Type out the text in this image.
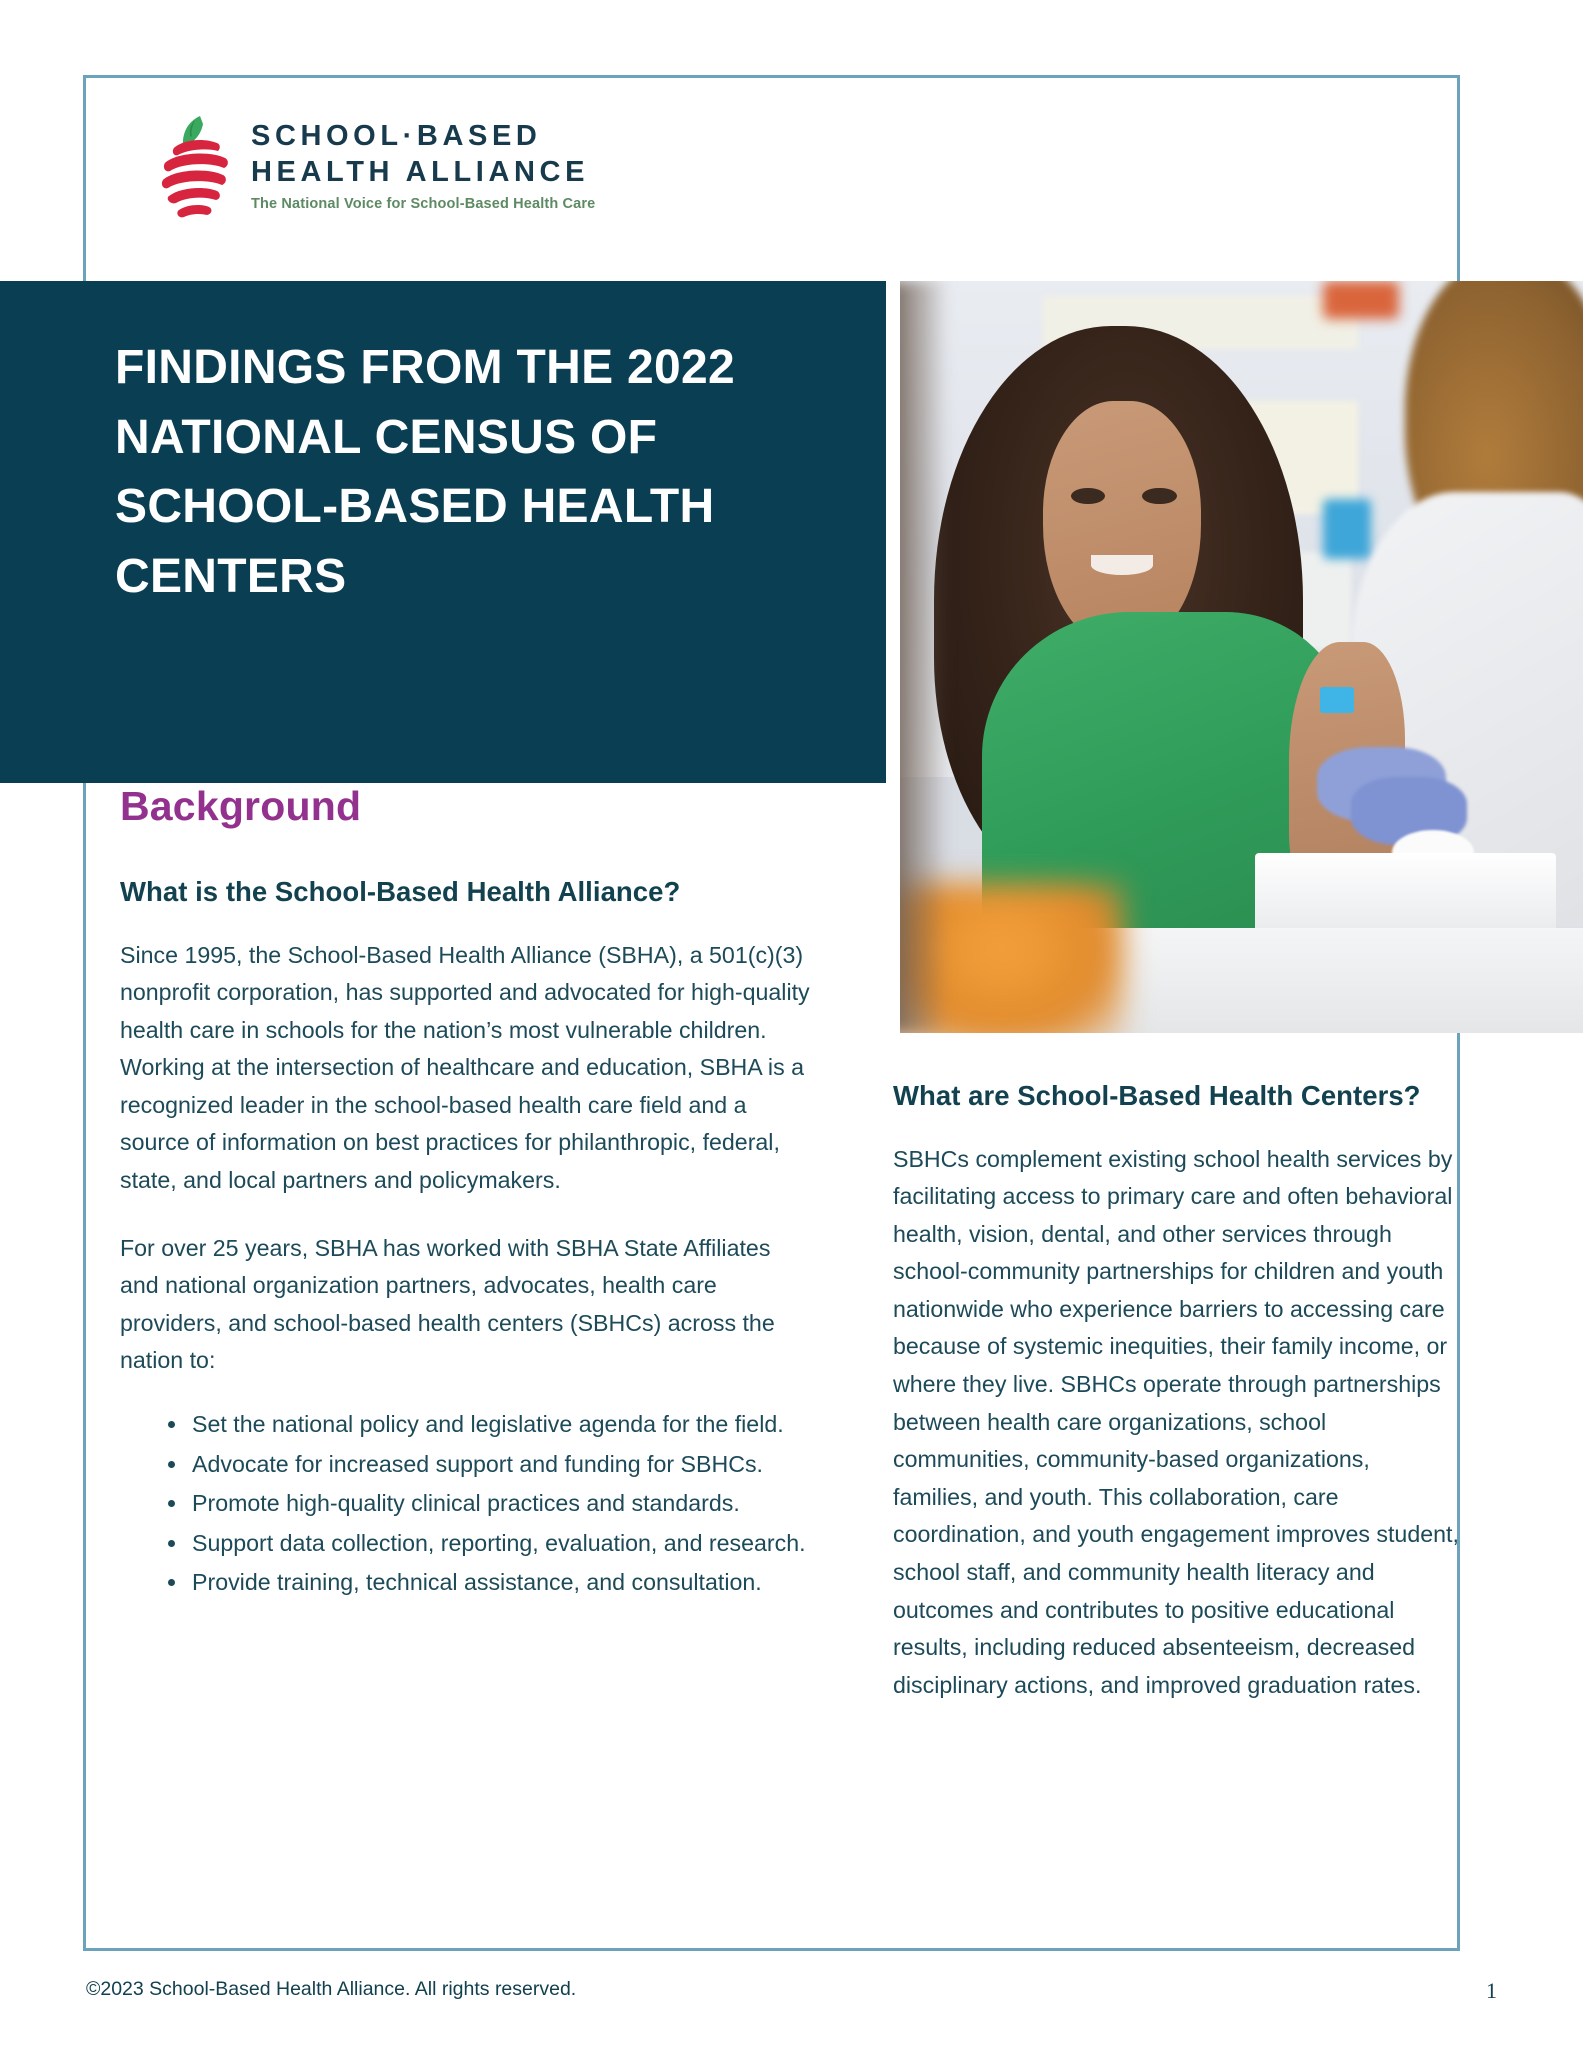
SCHOOL·BASED
HEALTH ALLIANCE
The National Voice for School-Based Health Care
FINDINGS FROM THE 2022 NATIONAL CENSUS OF SCHOOL-BASED HEALTH CENTERS
Background
What is the School-Based Health Alliance?

Since 1995, the School-Based Health Alliance (SBHA), a 501(c)(3) nonprofit corporation, has supported and advocated for high-quality health care in schools for the nation’s most vulnerable children. Working at the intersection of healthcare and education, SBHA is a recognized leader in the school-based health care field and a source of information on best practices for philanthropic, federal, state, and local partners and policymakers.

For over 25 years, SBHA has worked with SBHA State Affiliates and national organization partners, advocates, health care providers, and school-based health centers (SBHCs) across the nation to:

Set the national policy and legislative agenda for the field.
Advocate for increased support and funding for SBHCs.
Promote high-quality clinical practices and standards.
Support data collection, reporting, evaluation, and research.
Provide training, technical assistance, and consultation.
What are School-Based Health Centers?

SBHCs complement existing school health services by facilitating access to primary care and often behavioral health, vision, dental, and other services through school-community partnerships for children and youth nationwide who experience barriers to accessing care because of systemic inequities, their family income, or where they live. SBHCs operate through partnerships between health care organizations, school communities, community-based organizations, families, and youth. This collaboration, care coordination, and youth engagement improves student, school staff, and community health literacy and outcomes and contributes to positive educational results, including reduced absenteeism, decreased disciplinary actions, and improved graduation rates.

©2023 School-Based Health Alliance. All rights reserved.	1
